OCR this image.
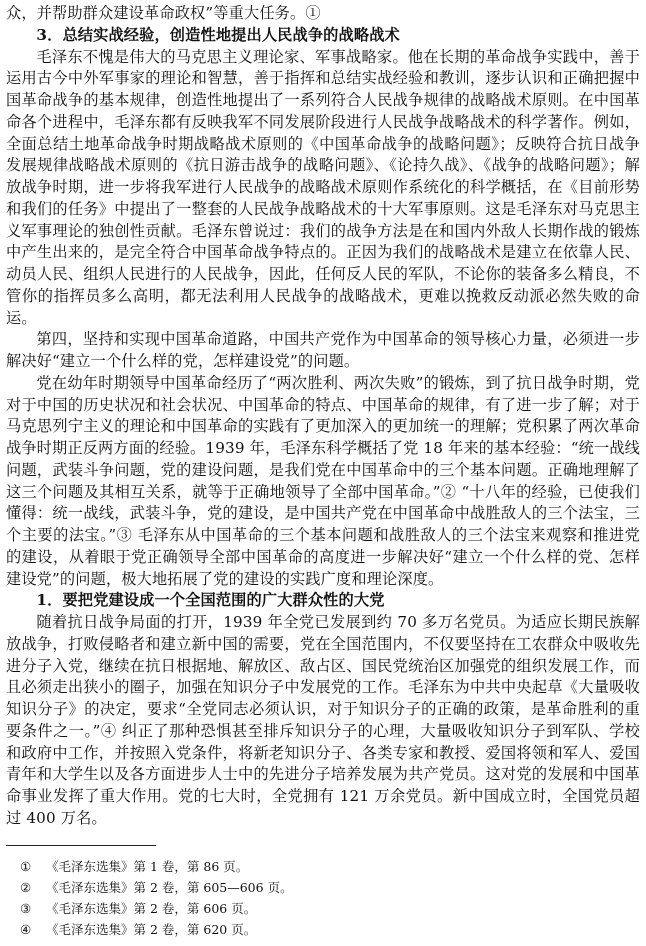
众，并帮助群众建设革命政权”等重大任务。①

3．总结实战经验，创造性地提出人民战争的战略战术

毛泽东不愧是伟大的马克思主义理论家、军事战略家。他在长期的革命战争实践中，善于运用古今中外军事家的理论和智慧，善于指挥和总结实战经验和教训，逐步认识和正确把握中国革命战争的基本规律，创造性地提出了一系列符合人民战争规律的战略战术原则。在中国革命各个进程中，毛泽东都有反映我军不同发展阶段进行人民战争战略战术的科学著作。例如，全面总结土地革命战争时期战略战术原则的《中国革命战争的战略问题》；反映符合抗日战争发展规律战略战术原则的《抗日游击战争的战略问题》、《论持久战》、《战争的战略问题》；解放战争时期，进一步将我军进行人民战争的战略战术原则作系统化的科学概括，在《目前形势和我们的任务》中提出了一整套的人民战争战略战术的十大军事原则。这是毛泽东对马克思主义军事理论的独创性贡献。毛泽东曾说过：我们的战争方法是在和国内外敌人长期作战的锻炼中产生出来的，是完全符合中国革命战争特点的。正因为我们的战略战术是建立在依靠人民、动员人民、组织人民进行的人民战争，因此，任何反人民的军队，不论你的装备多么精良，不管你的指挥员多么高明，都无法利用人民战争的战略战术，更难以挽救反动派必然失败的命运。

第四，坚持和实现中国革命道路，中国共产党作为中国革命的领导核心力量，必须进一步解决好“建立一个什么样的党，怎样建设党”的问题。

党在幼年时期领导中国革命经历了“两次胜利、两次失败”的锻炼，到了抗日战争时期，党对于中国的历史状况和社会状况、中国革命的特点、中国革命的规律，有了进一步了解；对于马克思列宁主义的理论和中国革命的实践有了更加深入的更加统一的理解；党积累了两次革命战争时期正反两方面的经验。1939 年，毛泽东科学概括了党 18 年来的基本经验：“统一战线问题，武装斗争问题，党的建设问题，是我们党在中国革命中的三个基本问题。正确地理解了这三个问题及其相互关系，就等于正确地领导了全部中国革命。”② “十八年的经验，已使我们懂得：统一战线，武装斗争，党的建设，是中国共产党在中国革命中战胜敌人的三个法宝，三个主要的法宝。”③ 毛泽东从中国革命的三个基本问题和战胜敌人的三个法宝来观察和推进党的建设，从着眼于党正确领导全部中国革命的高度进一步解决好“建立一个什么样的党、怎样建设党”的问题，极大地拓展了党的建设的实践广度和理论深度。

1．要把党建设成一个全国范围的广大群众性的大党

随着抗日战争局面的打开，1939 年全党已发展到约 70 多万名党员。为适应长期民族解放战争，打败侵略者和建立新中国的需要，党在全国范围内，不仅要坚持在工农群众中吸收先进分子入党，继续在抗日根据地、解放区、敌占区、国民党统治区加强党的组织发展工作，而且必须走出狭小的圈子，加强在知识分子中发展党的工作。毛泽东为中共中央起草《大量吸收知识分子》的决定，要求“全党同志必须认识，对于知识分子的正确的政策，是革命胜利的重要条件之一。”④ 纠正了那种恐惧甚至排斥知识分子的心理，大量吸收知识分子到军队、学校和政府中工作，并按照入党条件，将新老知识分子、各类专家和教授、爱国将领和军人、爱国青年和大学生以及各方面进步人士中的先进分子培养发展为共产党员。这对党的发展和中国革命事业发挥了重大作用。党的七大时，全党拥有 121 万余党员。新中国成立时，全国党员超过 400 万名。

① 《毛泽东选集》第 1 卷，第 86 页。
② 《毛泽东选集》第 2 卷，第 605—606 页。
③ 《毛泽东选集》第 2 卷，第 606 页。
④ 《毛泽东选集》第 2 卷，第 620 页。
